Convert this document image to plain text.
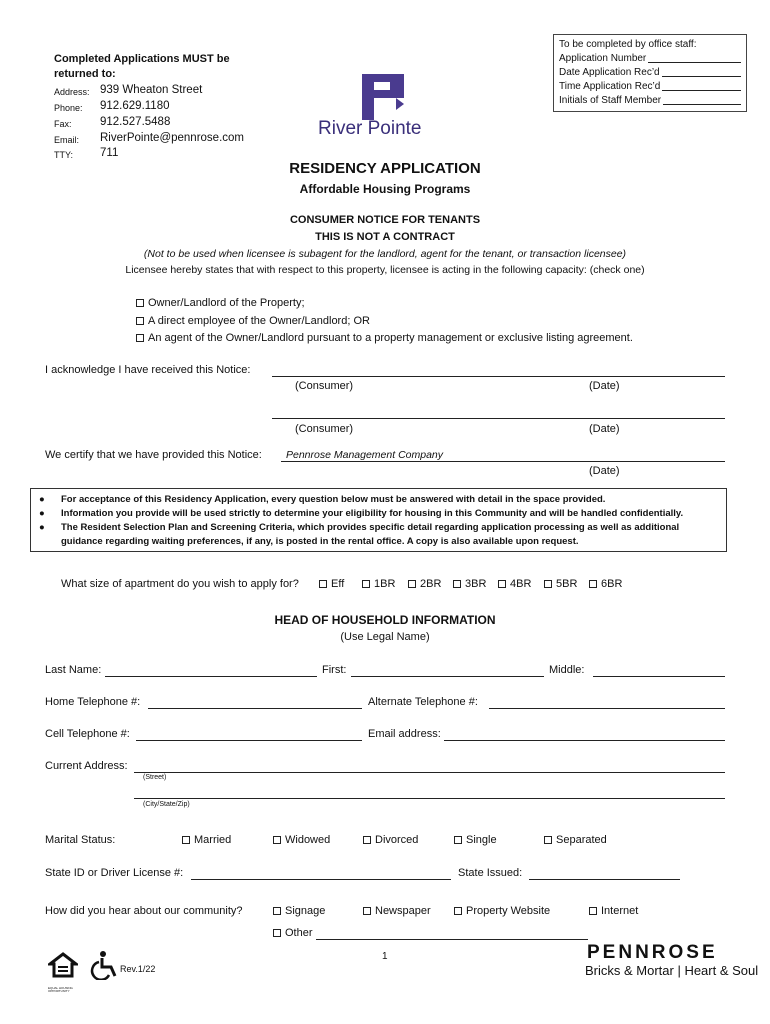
To be completed by office staff:
Application Number
Date Application Rec’d
Time Application Rec’d
Initials of Staff Member
Completed Applications MUST be
returned to:
Address: 939 Wheaton Street
Phone: 912.629.1180
Fax: 912.527.5488
Email: RiverPointe@pennrose.com
TTY: 711
River Pointe
RESIDENCY APPLICATION
Affordable Housing Programs
CONSUMER NOTICE FOR TENANTS
THIS IS NOT A CONTRACT
(Not to be used when licensee is subagent for the landlord, agent for the tenant, or transaction licensee)
Licensee hereby states that with respect to this property, licensee is acting in the following capacity: (check one)
Owner/Landlord of the Property;
A direct employee of the Owner/Landlord; OR
An agent of the Owner/Landlord pursuant to a property management or exclusive listing agreement.
I acknowledge I have received this Notice:
(Consumer)	(Date)
(Consumer)	(Date)
We certify that we have provided this Notice: Pennrose Management Company
(Date)
●	For acceptance of this Residency Application, every question below must be answered with detail in the space provided.
●	Information you provide will be used strictly to determine your eligibility for housing in this Community and will be handled confidentially.
●	The Resident Selection Plan and Screening Criteria, which provides specific detail regarding application processing as well as additional guidance regarding waiting preferences, if any, is posted in the rental office. A copy is also available upon request.
What size of apartment do you wish to apply for?	Eff	1BR	2BR	3BR	4BR	5BR	6BR
HEAD OF HOUSEHOLD INFORMATION
(Use Legal Name)
Last Name:	First:	Middle:
Home Telephone #:	Alternate Telephone #:
Cell Telephone #:	Email address:
Current Address:
(Street)
(City/State/Zip)
Marital Status:	Married	Widowed	Divorced	Single	Separated
State ID or Driver License #:	State Issued:
How did you hear about our community?	Signage	Newspaper	Property Website	Internet
Other
EQUAL HOUSING OPPORTUNITY
Rev.1/22
1	PENNROSE
Bricks & Mortar | Heart & Soul
